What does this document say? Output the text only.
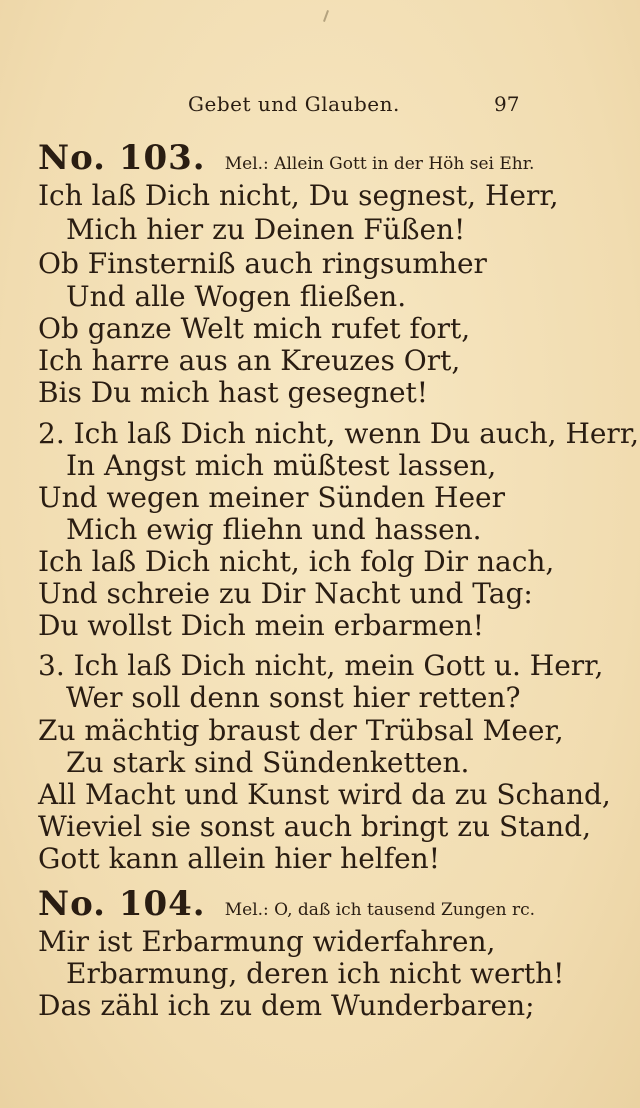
Gebet und Glauben.	97
No. 103. Mel.: Allein Gott in der Höh sei Ehr.
Ich laß Dich nicht, Du segnest, Herr,
Mich hier zu Deinen Füßen!
Ob Finsterniß auch ringsumher
Und alle Wogen fließen.
Ob ganze Welt mich rufet fort,
Ich harre aus an Kreuzes Ort,
Bis Du mich hast gesegnet!
2. Ich laß Dich nicht, wenn Du auch, Herr,
In Angst mich müßtest lassen,
Und wegen meiner Sünden Heer
Mich ewig fliehn und hassen.
Ich laß Dich nicht, ich folg Dir nach,
Und schreie zu Dir Nacht und Tag:
Du wollst Dich mein erbarmen!
3. Ich laß Dich nicht, mein Gott u. Herr,
Wer soll denn sonst hier retten?
Zu mächtig braust der Trübsal Meer,
Zu stark sind Sündenketten.
All Macht und Kunst wird da zu Schand,
Wieviel sie sonst auch bringt zu Stand,
Gott kann allein hier helfen!
No. 104. Mel.: O, daß ich tausend Zungen rc.
Mir ist Erbarmung widerfahren,
Erbarmung, deren ich nicht werth!
Das zähl ich zu dem Wunderbaren;
